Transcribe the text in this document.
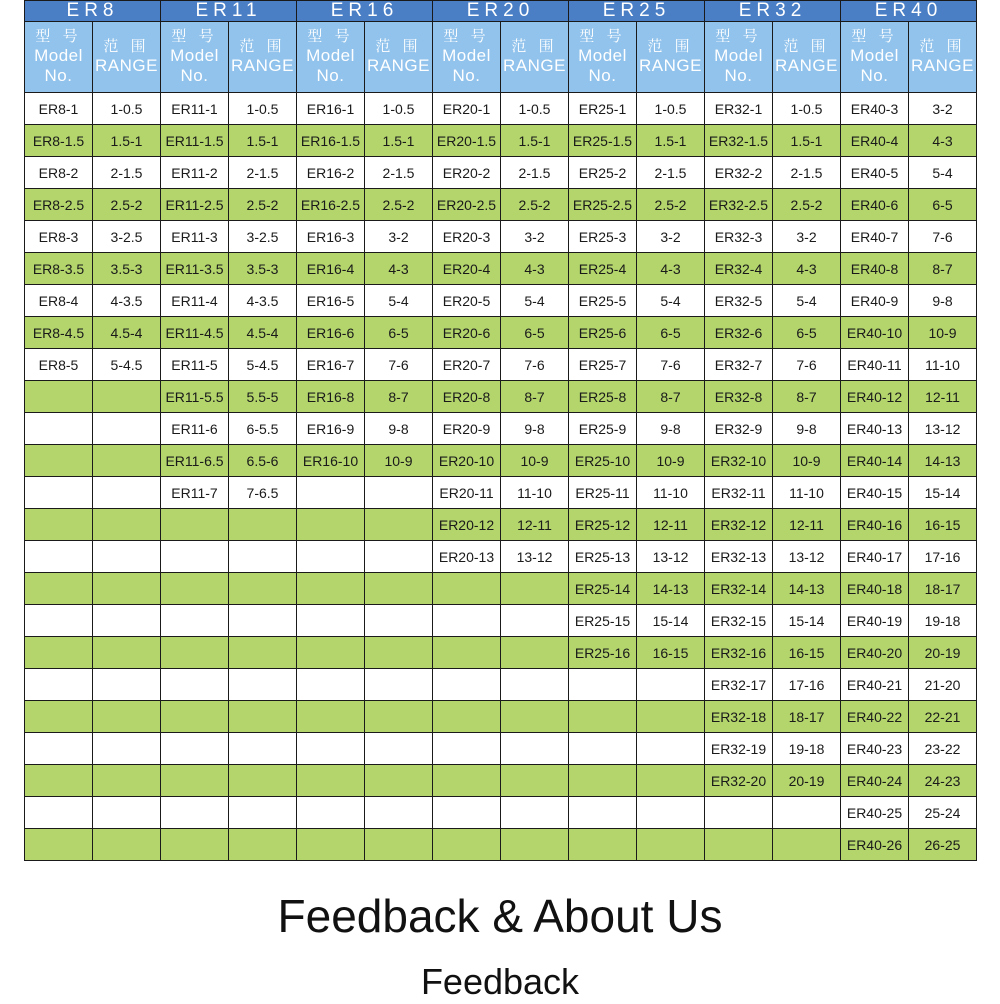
ER8		ER11		ER16		ER20		ER25		ER32		ER40	

型 号
Model
No.	范 围
RANGE	型 号
Model
No.	范 围
RANGE	型 号
Model
No.	范 围
RANGE	型 号
Model
No.	范 围
RANGE	型 号
Model
No.	范 围
RANGE	型 号
Model
No.	范 围
RANGE	型 号
Model
No.	范 围
RANGE

ER8-1	1-0.5	ER11-1	1-0.5	ER16-1	1-0.5	ER20-1	1-0.5	ER25-1	1-0.5	ER32-1	1-0.5	ER40-3	3-2
ER8-1.5	1.5-1	ER11-1.5	1.5-1	ER16-1.5	1.5-1	ER20-1.5	1.5-1	ER25-1.5	1.5-1	ER32-1.5	1.5-1	ER40-4	4-3
ER8-2	2-1.5	ER11-2	2-1.5	ER16-2	2-1.5	ER20-2	2-1.5	ER25-2	2-1.5	ER32-2	2-1.5	ER40-5	5-4
ER8-2.5	2.5-2	ER11-2.5	2.5-2	ER16-2.5	2.5-2	ER20-2.5	2.5-2	ER25-2.5	2.5-2	ER32-2.5	2.5-2	ER40-6	6-5
ER8-3	3-2.5	ER11-3	3-2.5	ER16-3	3-2	ER20-3	3-2	ER25-3	3-2	ER32-3	3-2	ER40-7	7-6
ER8-3.5	3.5-3	ER11-3.5	3.5-3	ER16-4	4-3	ER20-4	4-3	ER25-4	4-3	ER32-4	4-3	ER40-8	8-7
ER8-4	4-3.5	ER11-4	4-3.5	ER16-5	5-4	ER20-5	5-4	ER25-5	5-4	ER32-5	5-4	ER40-9	9-8
ER8-4.5	4.5-4	ER11-4.5	4.5-4	ER16-6	6-5	ER20-6	6-5	ER25-6	6-5	ER32-6	6-5	ER40-10	10-9
ER8-5	5-4.5	ER11-5	5-4.5	ER16-7	7-6	ER20-7	7-6	ER25-7	7-6	ER32-7	7-6	ER40-11	11-10
		ER11-5.5	5.5-5	ER16-8	8-7	ER20-8	8-7	ER25-8	8-7	ER32-8	8-7	ER40-12	12-11
		ER11-6	6-5.5	ER16-9	9-8	ER20-9	9-8	ER25-9	9-8	ER32-9	9-8	ER40-13	13-12
		ER11-6.5	6.5-6	ER16-10	10-9	ER20-10	10-9	ER25-10	10-9	ER32-10	10-9	ER40-14	14-13
		ER11-7	7-6.5			ER20-11	11-10	ER25-11	11-10	ER32-11	11-10	ER40-15	15-14
						ER20-12	12-11	ER25-12	12-11	ER32-12	12-11	ER40-16	16-15
						ER20-13	13-12	ER25-13	13-12	ER32-13	13-12	ER40-17	17-16
								ER25-14	14-13	ER32-14	14-13	ER40-18	18-17
								ER25-15	15-14	ER32-15	15-14	ER40-19	19-18
								ER25-16	16-15	ER32-16	16-15	ER40-20	20-19
										ER32-17	17-16	ER40-21	21-20
										ER32-18	18-17	ER40-22	22-21
										ER32-19	19-18	ER40-23	23-22
										ER32-20	20-19	ER40-24	24-23
												ER40-25	25-24
												ER40-26	26-25
Feedback & About Us
Feedback
